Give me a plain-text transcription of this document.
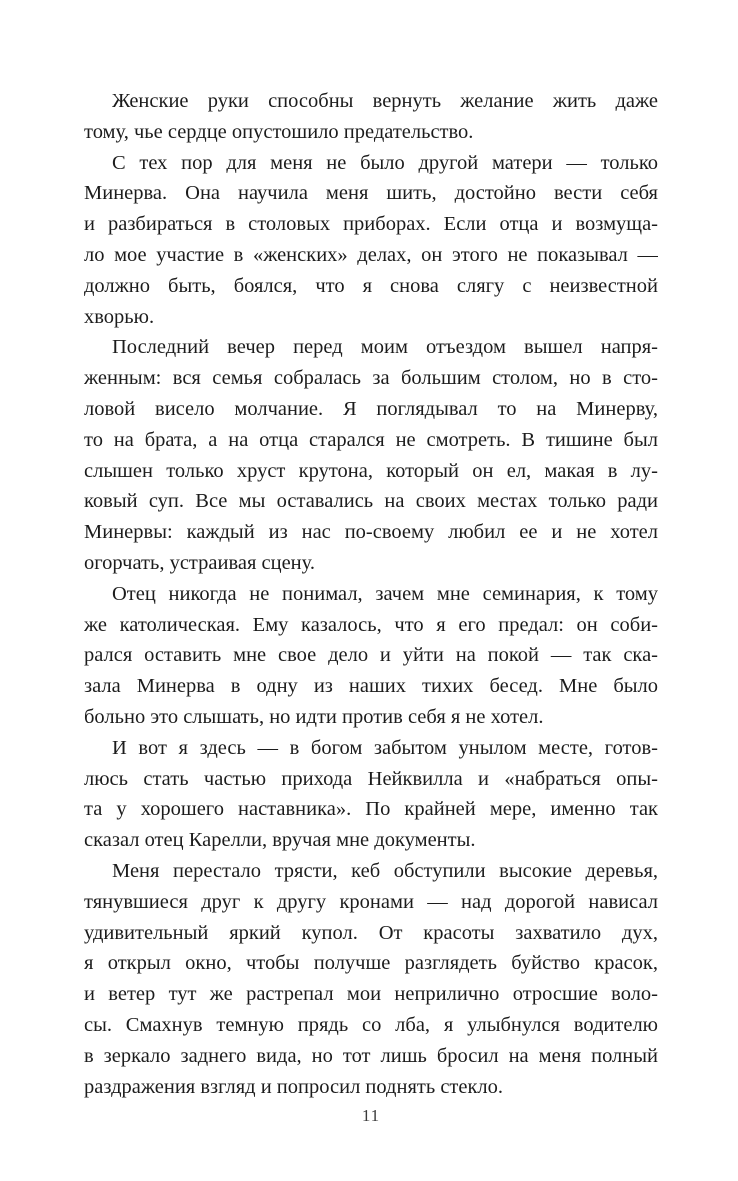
Женские руки способны вернуть желание жить даже
тому, чье сердце опустошило предательство.

С тех пор для меня не было другой матери — только
Минерва. Она научила меня шить, достойно вести себя
и разбираться в столовых приборах. Если отца и возмуща-
ло мое участие в «женских» делах, он этого не показывал —
должно быть, боялся, что я снова слягу с неизвестной
хворью.

Последний вечер перед моим отъездом вышел напря-
женным: вся семья собралась за большим столом, но в сто-
ловой висело молчание. Я поглядывал то на Минерву,
то на брата, а на отца старался не смотреть. В тишине был
слышен только хруст крутона, который он ел, макая в лу-
ковый суп. Все мы оставались на своих местах только ради
Минервы: каждый из нас по-своему любил ее и не хотел
огорчать, устраивая сцену.

Отец никогда не понимал, зачем мне семинария, к тому
же католическая. Ему казалось, что я его предал: он соби-
рался оставить мне свое дело и уйти на покой — так ска-
зала Минерва в одну из наших тихих бесед. Мне было
больно это слышать, но идти против себя я не хотел.

И вот я здесь — в богом забытом унылом месте, готов-
люсь стать частью прихода Нейквилла и «набраться опы-
та у хорошего наставника». По крайней мере, именно так
сказал отец Карелли, вручая мне документы.

Меня перестало трясти, кеб обступили высокие деревья,
тянувшиеся друг к другу кронами — над дорогой нависал
удивительный яркий купол. От красоты захватило дух,
я открыл окно, чтобы получше разглядеть буйство красок,
и ветер тут же растрепал мои неприлично отросшие воло-
сы. Смахнув темную прядь со лба, я улыбнулся водителю
в зеркало заднего вида, но тот лишь бросил на меня полный
раздражения взгляд и попросил поднять стекло.

11
